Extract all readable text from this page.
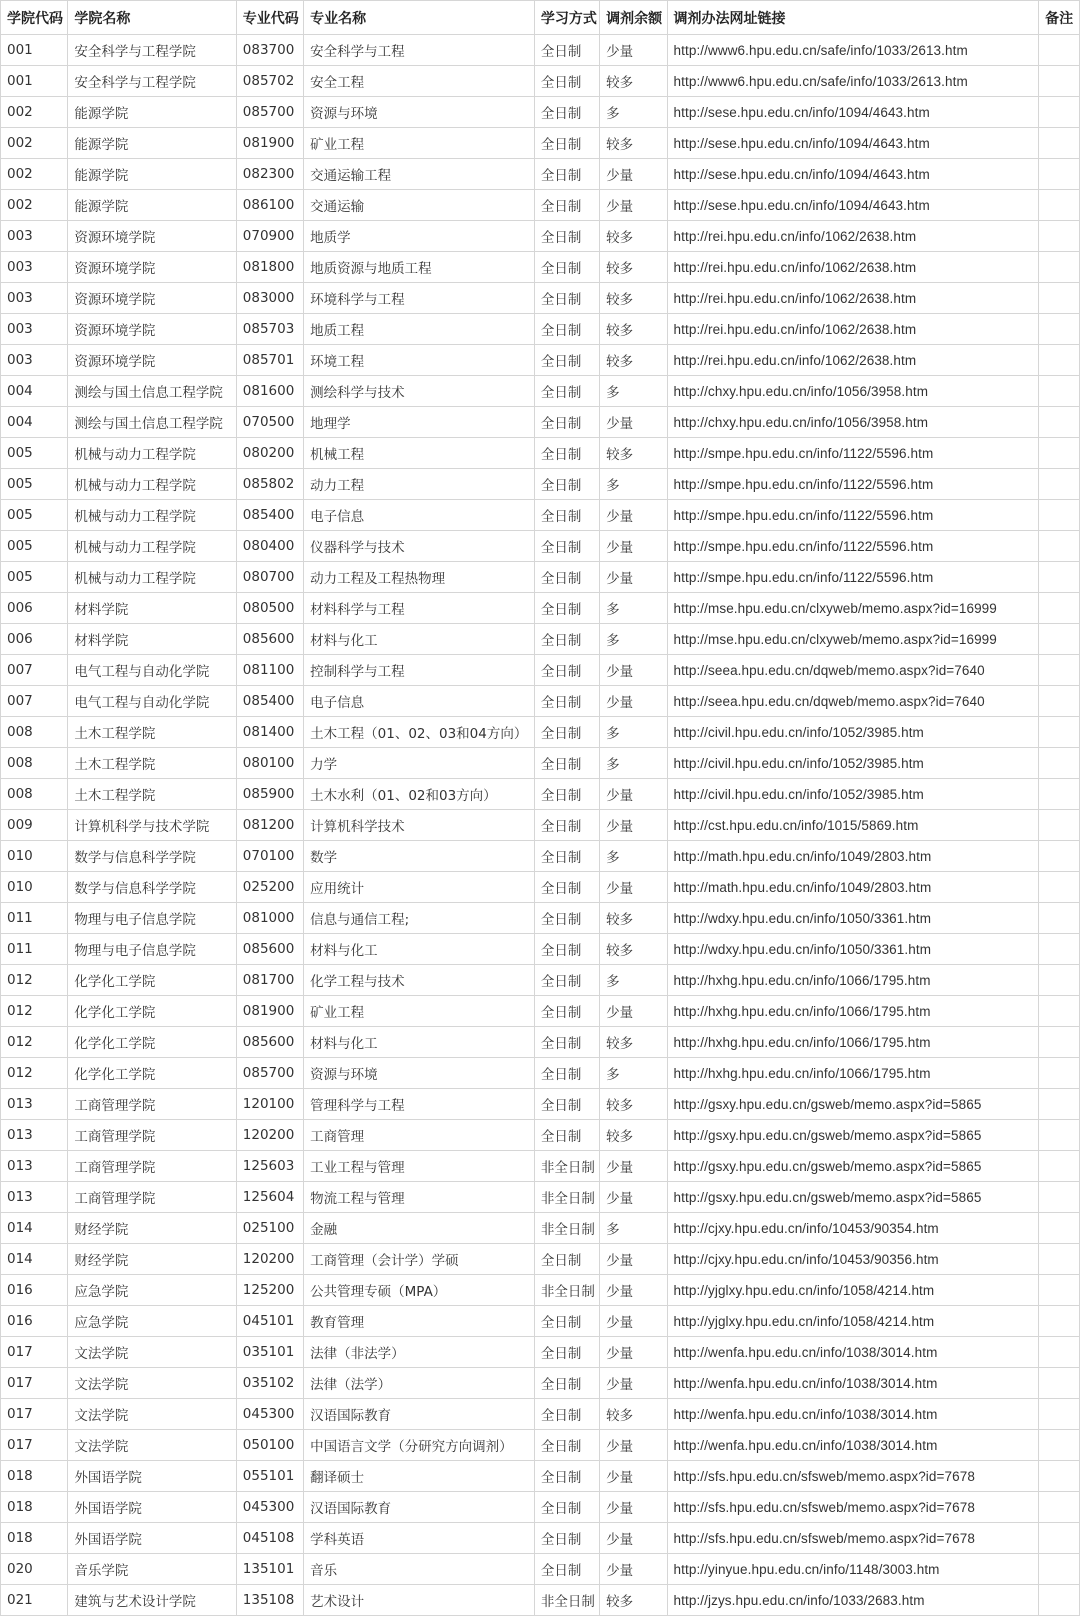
学院代码	学院名称	专业代码	专业名称	学习方式	调剂余额	调剂办法网址链接	备注
001	安全科学与工程学院	083700	安全科学与工程	全日制	少量	http://www6.hpu.edu.cn/safe/info/1033/2613.htm	
001	安全科学与工程学院	085702	安全工程	全日制	较多	http://www6.hpu.edu.cn/safe/info/1033/2613.htm	
002	能源学院	085700	资源与环境	全日制	多	http://sese.hpu.edu.cn/info/1094/4643.htm	
002	能源学院	081900	矿业工程	全日制	较多	http://sese.hpu.edu.cn/info/1094/4643.htm	
002	能源学院	082300	交通运输工程	全日制	少量	http://sese.hpu.edu.cn/info/1094/4643.htm	
002	能源学院	086100	交通运输	全日制	少量	http://sese.hpu.edu.cn/info/1094/4643.htm	
003	资源环境学院	070900	地质学	全日制	较多	http://rei.hpu.edu.cn/info/1062/2638.htm	
003	资源环境学院	081800	地质资源与地质工程	全日制	较多	http://rei.hpu.edu.cn/info/1062/2638.htm	
003	资源环境学院	083000	环境科学与工程	全日制	较多	http://rei.hpu.edu.cn/info/1062/2638.htm	
003	资源环境学院	085703	地质工程	全日制	较多	http://rei.hpu.edu.cn/info/1062/2638.htm	
003	资源环境学院	085701	环境工程	全日制	较多	http://rei.hpu.edu.cn/info/1062/2638.htm	
004	测绘与国土信息工程学院	081600	测绘科学与技术	全日制	多	http://chxy.hpu.edu.cn/info/1056/3958.htm	
004	测绘与国土信息工程学院	070500	地理学	全日制	少量	http://chxy.hpu.edu.cn/info/1056/3958.htm	
005	机械与动力工程学院	080200	机械工程	全日制	较多	http://smpe.hpu.edu.cn/info/1122/5596.htm	
005	机械与动力工程学院	085802	动力工程	全日制	多	http://smpe.hpu.edu.cn/info/1122/5596.htm	
005	机械与动力工程学院	085400	电子信息	全日制	少量	http://smpe.hpu.edu.cn/info/1122/5596.htm	
005	机械与动力工程学院	080400	仪器科学与技术	全日制	少量	http://smpe.hpu.edu.cn/info/1122/5596.htm	
005	机械与动力工程学院	080700	动力工程及工程热物理	全日制	少量	http://smpe.hpu.edu.cn/info/1122/5596.htm	
006	材料学院	080500	材料科学与工程	全日制	多	http://mse.hpu.edu.cn/clxyweb/memo.aspx?id=16999	
006	材料学院	085600	材料与化工	全日制	多	http://mse.hpu.edu.cn/clxyweb/memo.aspx?id=16999	
007	电气工程与自动化学院	081100	控制科学与工程	全日制	少量	http://seea.hpu.edu.cn/dqweb/memo.aspx?id=7640	
007	电气工程与自动化学院	085400	电子信息	全日制	少量	http://seea.hpu.edu.cn/dqweb/memo.aspx?id=7640	
008	土木工程学院	081400	土木工程（01、02、03和04方向）	全日制	多	http://civil.hpu.edu.cn/info/1052/3985.htm	
008	土木工程学院	080100	力学	全日制	多	http://civil.hpu.edu.cn/info/1052/3985.htm	
008	土木工程学院	085900	土木水利（01、02和03方向）	全日制	少量	http://civil.hpu.edu.cn/info/1052/3985.htm	
009	计算机科学与技术学院	081200	计算机科学技术	全日制	少量	http://cst.hpu.edu.cn/info/1015/5869.htm	
010	数学与信息科学学院	070100	数学	全日制	多	http://math.hpu.edu.cn/info/1049/2803.htm	
010	数学与信息科学学院	025200	应用统计	全日制	少量	http://math.hpu.edu.cn/info/1049/2803.htm	
011	物理与电子信息学院	081000	信息与通信工程;	全日制	较多	http://wdxy.hpu.edu.cn/info/1050/3361.htm	
011	物理与电子信息学院	085600	材料与化工	全日制	较多	http://wdxy.hpu.edu.cn/info/1050/3361.htm	
012	化学化工学院	081700	化学工程与技术	全日制	多	http://hxhg.hpu.edu.cn/info/1066/1795.htm	
012	化学化工学院	081900	矿业工程	全日制	少量	http://hxhg.hpu.edu.cn/info/1066/1795.htm	
012	化学化工学院	085600	材料与化工	全日制	较多	http://hxhg.hpu.edu.cn/info/1066/1795.htm	
012	化学化工学院	085700	资源与环境	全日制	多	http://hxhg.hpu.edu.cn/info/1066/1795.htm	
013	工商管理学院	120100	管理科学与工程	全日制	较多	http://gsxy.hpu.edu.cn/gsweb/memo.aspx?id=5865	
013	工商管理学院	120200	工商管理	全日制	较多	http://gsxy.hpu.edu.cn/gsweb/memo.aspx?id=5865	
013	工商管理学院	125603	工业工程与管理	非全日制	少量	http://gsxy.hpu.edu.cn/gsweb/memo.aspx?id=5865	
013	工商管理学院	125604	物流工程与管理	非全日制	少量	http://gsxy.hpu.edu.cn/gsweb/memo.aspx?id=5865	
014	财经学院	025100	金融	非全日制	多	http://cjxy.hpu.edu.cn/info/10453/90354.htm	
014	财经学院	120200	工商管理（会计学）学硕	全日制	少量	http://cjxy.hpu.edu.cn/info/10453/90356.htm	
016	应急学院	125200	公共管理专硕（MPA）	非全日制	少量	http://yjglxy.hpu.edu.cn/info/1058/4214.htm	
016	应急学院	045101	教育管理	全日制	少量	http://yjglxy.hpu.edu.cn/info/1058/4214.htm	
017	文法学院	035101	法律（非法学）	全日制	少量	http://wenfa.hpu.edu.cn/info/1038/3014.htm	
017	文法学院	035102	法律（法学）	全日制	少量	http://wenfa.hpu.edu.cn/info/1038/3014.htm	
017	文法学院	045300	汉语国际教育	全日制	较多	http://wenfa.hpu.edu.cn/info/1038/3014.htm	
017	文法学院	050100	中国语言文学（分研究方向调剂）	全日制	少量	http://wenfa.hpu.edu.cn/info/1038/3014.htm	
018	外国语学院	055101	翻译硕士	全日制	少量	http://sfs.hpu.edu.cn/sfsweb/memo.aspx?id=7678	
018	外国语学院	045300	汉语国际教育	全日制	少量	http://sfs.hpu.edu.cn/sfsweb/memo.aspx?id=7678	
018	外国语学院	045108	学科英语	全日制	少量	http://sfs.hpu.edu.cn/sfsweb/memo.aspx?id=7678	
020	音乐学院	135101	音乐	全日制	少量	http://yinyue.hpu.edu.cn/info/1148/3003.htm	
021	建筑与艺术设计学院	135108	艺术设计	非全日制	较多	http://jzys.hpu.edu.cn/info/1033/2683.htm	
